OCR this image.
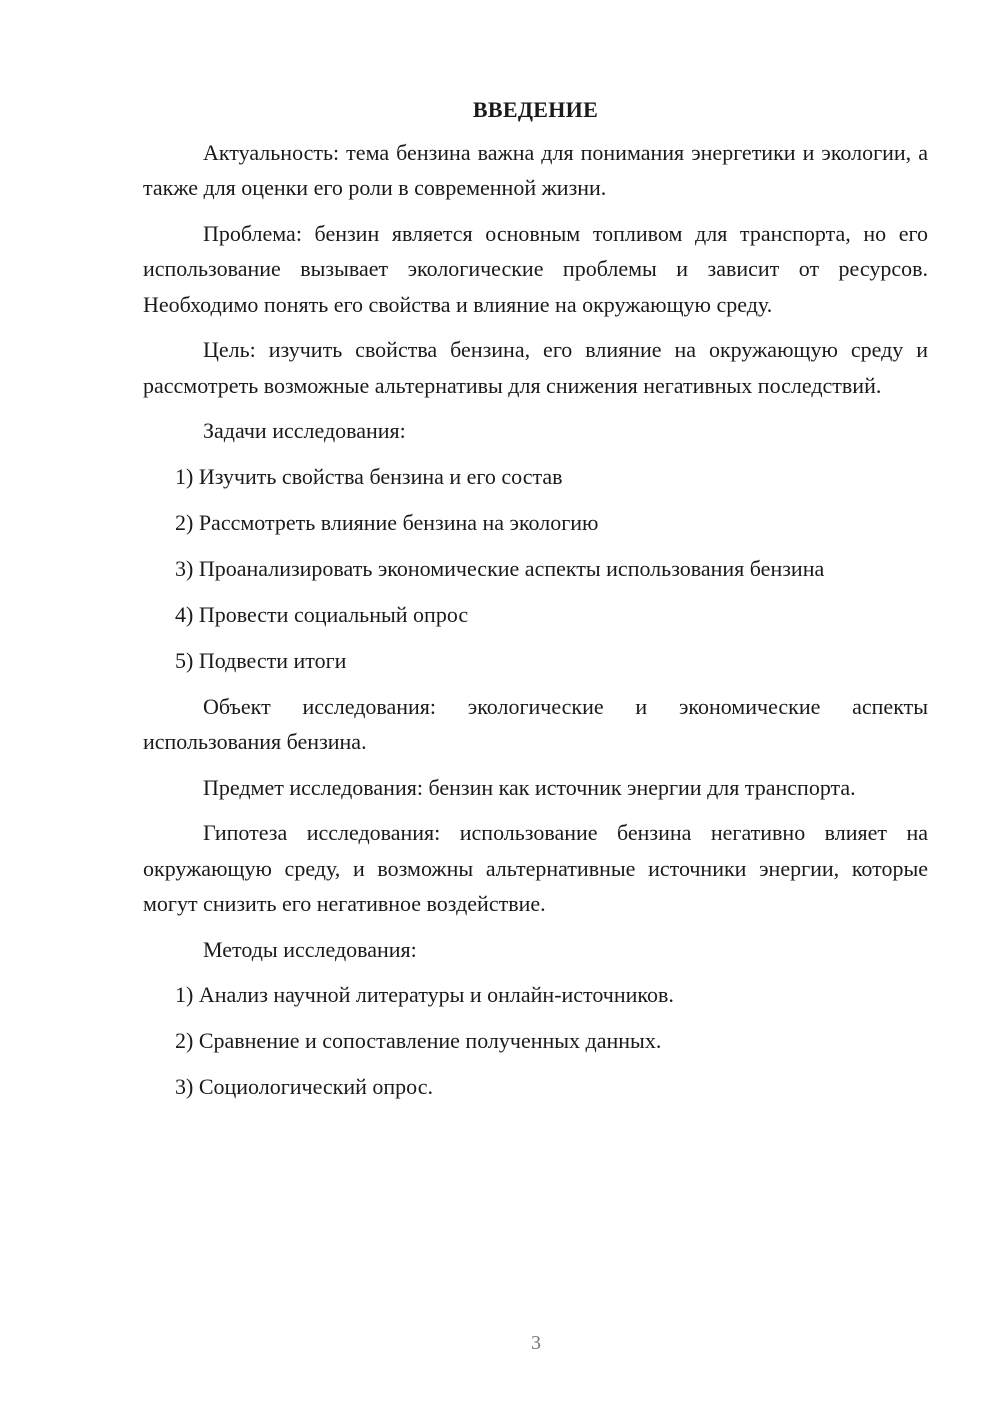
ВВЕДЕНИЕ

Актуальность: тема бензина важна для понимания энергетики и экологии, а также для оценки его роли в современной жизни.

Проблема: бензин является основным топливом для транспорта, но его использование вызывает экологические проблемы и зависит от ресурсов. Необходимо понять его свойства и влияние на окружающую среду.

Цель: изучить свойства бензина, его влияние на окружающую среду и рассмотреть возможные альтернативы для снижения негативных последствий.

Задачи исследования:

1) Изучить свойства бензина и его состав
2) Рассмотреть влияние бензина на экологию
3) Проанализировать экономические аспекты использования бензина
4) Провести социальный опрос
5) Подвести итоги

Объект исследования: экологические и экономические аспекты использования бензина.

Предмет исследования: бензин как источник энергии для транспорта.

Гипотеза исследования: использование бензина негативно влияет на окружающую среду, и возможны альтернативные источники энергии, которые могут снизить его негативное воздействие.

Методы исследования:

1) Анализ научной литературы и онлайн-источников.
2) Сравнение и сопоставление полученных данных.
3) Социологический опрос.
3
